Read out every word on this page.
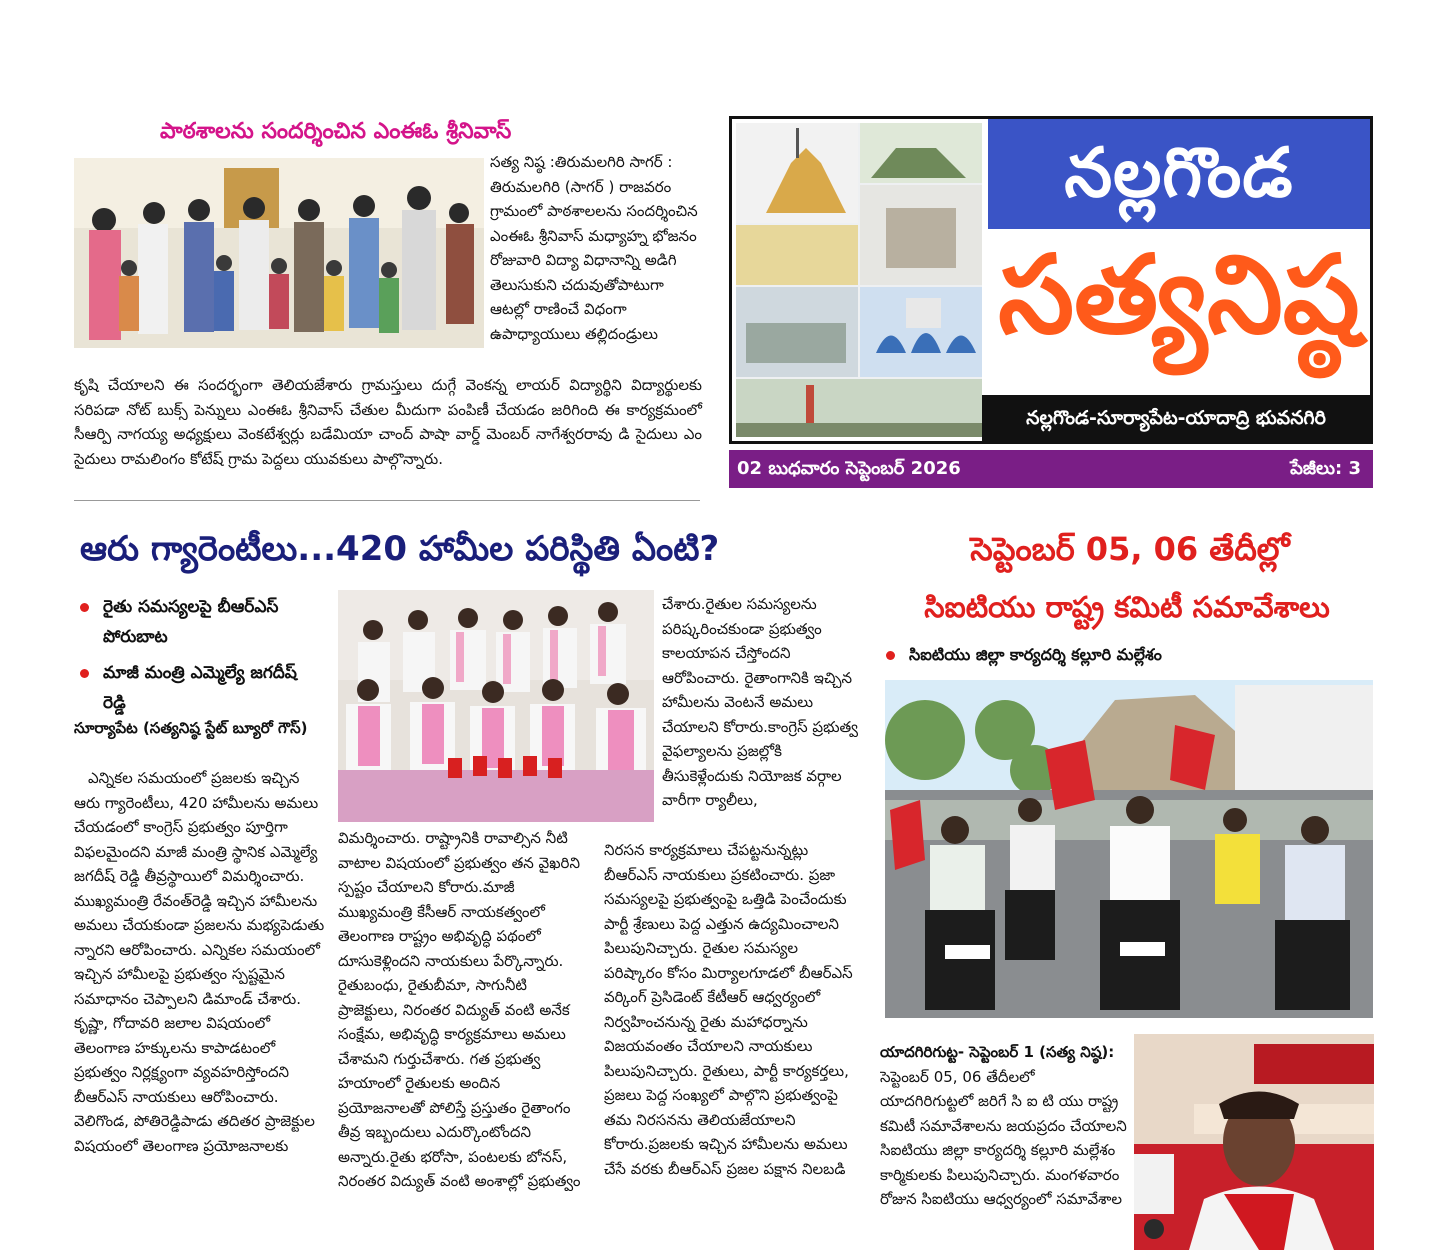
పాఠశాలను సందర్శించిన ఎంఈఓ శ్రీనివాస్
సత్య నిష్ఠ :తిరుమలగిరి సాగర్ : తిరుమలగిరి (సాగర్ ) రాజవరం గ్రామంలో పాఠశాలలను సందర్శించిన ఎంఈఓ శ్రీనివాస్ మధ్యాహ్న భోజనం రోజువారి విద్యా విధానాన్ని అడిగి తెలుసుకుని చదువుతోపాటుగా ఆటల్లో రాణించే విధంగా ఉపాధ్యాయులు తల్లిదండ్రులు
కృషి చేయాలని ఈ సందర్భంగా తెలియజేశారు గ్రామస్తులు దుగ్గే వెంకన్న లాయర్ విద్యార్థిని విద్యార్థులకు సరిపడా నోట్ బుక్స్ పెన్నులు ఎంఈఓ శ్రీనివాస్ చేతుల మీదుగా పంపిణీ చేయడం జరిగింది ఈ కార్యక్రమంలో సీఆర్పి నాగయ్య అధ్యక్షులు వెంకటేశ్వర్లు బడేమియా చాంద్ పాషా వార్డ్ మెంబర్ నాగేశ్వరరావు డి సైదులు ఎం సైదులు రామలింగం కోటేష్ గ్రామ పెద్దలు యువకులు పాల్గొన్నారు.
నల్లగొండ
సత్యనిష్ఠ
నల్లగొండ-సూర్యాపేట-యాదాద్రి భువనగిరి
02 బుధవారం సెప్టెంబర్ 2026	పేజీలు: 3
ఆరు గ్యారెంటీలు...420 హామీల పరిస్థితి ఏంటి?
రైతు సమస్యలపై బీఆర్ఎస్ పోరుబాట
మాజీ మంత్రి ఎమ్మెల్యే జగదీష్ రెడ్డి
సూర్యాపేట (సత్యనిష్ఠ స్టేట్ బ్యూరో గౌస్)
ఎన్నికల సమయంలో ప్రజలకు ఇచ్చిన ఆరు గ్యారెంటీలు, 420 హామీలను అమలు చేయడంలో కాంగ్రెస్ ప్రభుత్వం పూర్తిగా విఫలమైందని మాజీ మంత్రి స్థానిక ఎమ్మెల్యే జగదీష్ రెడ్డి తీవ్రస్థాయిలో విమర్శించారు. ముఖ్యమంత్రి రేవంత్‌రెడ్డి ఇచ్చిన హామీలను అమలు చేయకుండా ప్రజలను మభ్యపెడుతు న్నారని ఆరోపించారు. ఎన్నికల సమయంలో ఇచ్చిన హామీలపై ప్రభుత్వం స్పష్టమైన సమాధానం చెప్పాలని డిమాండ్ చేశారు. కృష్ణా, గోదావరి జలాల విషయంలో తెలంగాణ హక్కులను కాపాడటంలో ప్రభుత్వం నిర్లక్ష్యంగా వ్యవహరిస్తోందని బీఆర్ఎస్ నాయకులు ఆరోపించారు. వెలిగొండ, పోతిరెడ్డిపాడు తదితర ప్రాజెక్టుల విషయంలో తెలంగాణ ప్రయోజనాలకు
విమర్శించారు. రాష్ట్రానికి రావాల్సిన నీటి వాటాల విషయంలో ప్రభుత్వం తన వైఖరిని స్పష్టం చేయాలని కోరారు.మాజీ ముఖ్యమంత్రి కేసీఆర్ నాయకత్వంలో తెలంగాణ రాష్ట్రం అభివృద్ధి పథంలో దూసుకెళ్లిందని నాయకులు పేర్కొన్నారు. రైతుబంధు, రైతుబీమా, సాగునీటి ప్రాజెక్టులు, నిరంతర విద్యుత్ వంటి అనేక సంక్షేమ, అభివృద్ధి కార్యక్రమాలు అమలు చేశామని గుర్తుచేశారు. గత ప్రభుత్వ హయాంలో రైతులకు అందిన ప్రయోజనాలతో పోలిస్తే ప్రస్తుతం రైతాంగం తీవ్ర ఇబ్బందులు ఎదుర్కొంటోందని అన్నారు.రైతు భరోసా, పంటలకు బోనస్, నిరంతర విద్యుత్ వంటి అంశాల్లో ప్రభుత్వం
చేశారు.రైతుల సమస్యలను పరిష్కరించకుండా ప్రభుత్వం కాలయాపన చేస్తోందని ఆరోపించారు. రైతాంగానికి ఇచ్చిన హామీలను వెంటనే అమలు చేయాలని కోరారు.కాంగ్రెస్ ప్రభుత్వ వైఫల్యాలను ప్రజల్లోకి తీసుకెళ్లేందుకు నియోజక వర్గాల వారీగా ర్యాలీలు,
నిరసన కార్యక్రమాలు చేపట్టనున్నట్లు బీఆర్ఎస్ నాయకులు ప్రకటించారు. ప్రజా సమస్యలపై ప్రభుత్వంపై ఒత్తిడి పెంచేందుకు పార్టీ శ్రేణులు పెద్ద ఎత్తున ఉద్యమించాలని పిలుపునిచ్చారు. రైతుల సమస్యల పరిష్కారం కోసం మిర్యాలగూడలో బీఆర్ఎస్ వర్కింగ్ ప్రెసిడెంట్ కేటీఆర్ ఆధ్వర్యంలో నిర్వహించనున్న రైతు మహాధర్నాను విజయవంతం చేయాలని నాయకులు పిలుపునిచ్చారు. రైతులు, పార్టీ కార్యకర్తలు, ప్రజలు పెద్ద సంఖ్యలో పాల్గొని ప్రభుత్వంపై తమ నిరసనను తెలియజేయాలని కోరారు.ప్రజలకు ఇచ్చిన హామీలను అమలు చేసే వరకు బీఆర్ఎస్ ప్రజల పక్షాన నిలబడి
సెప్టెంబర్ 05, 06 తేదీల్లో
సిఐటియు రాష్ట్ర కమిటీ సమావేశాలు
సిఐటియు జిల్లా కార్యదర్శి కల్లూరి మల్లేశం
యాదగిరిగుట్ట- సెప్టెంబర్ 1 (సత్య నిష్ఠ): సెప్టెంబర్ 05, 06 తేదీలలో యాదగిరిగుట్టలో జరిగే సి ఐ టి యు రాష్ట్ర కమిటీ సమావేశాలను జయప్రదం చేయాలని సిఐటియు జిల్లా కార్యదర్శి కల్లూరి మల్లేశం కార్మికులకు పిలుపునిచ్చారు. మంగళవారం రోజున సిఐటియు ఆధ్వర్యంలో సమావేశాల
